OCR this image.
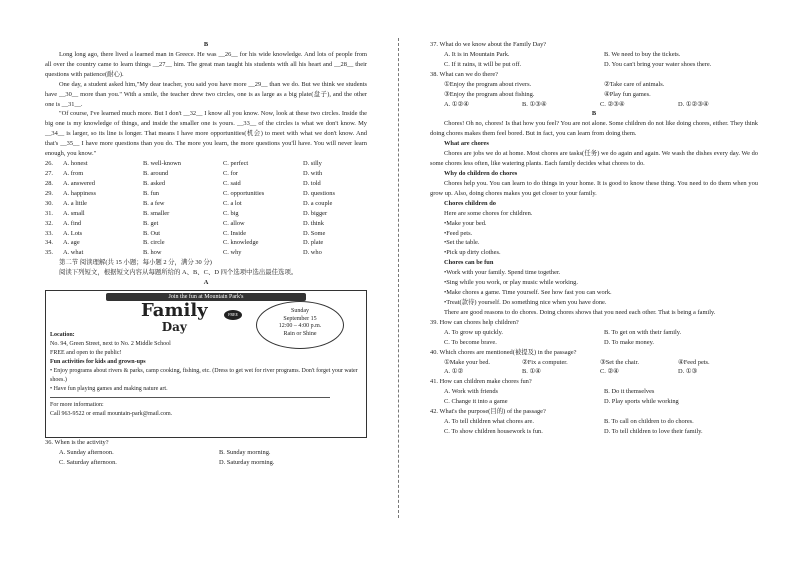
B

Long long ago, there lived a learned man in Greece. He was __26__ for his wide knowledge. And lots of people from all over the country came to learn things __27__ him. The great man taught his students with all his heart and __28__ their questions with patience(耐心).

One day, a student asked him,"My dear teacher, you said you have more __29__ than we do. But we think we students have __30__ more than you." With a smile, the teacher drew two circles, one is as large as a big plate(盘子), and the other one is __31__.

"Of course, I've learned much more. But I don't __32__ I know all you know. Now, look at these two circles. Inside the big one is my knowledge of things, and inside the smaller one is yours. __33__ of the circles is what we don't know. My __34__ is larger, so its line is longer. That means I have more opportunities(机会) to meet with what we don't know. And that's __35__ I have more questions than you do. The more you learn, the more questions you'll have. You will never learn enough, you know."

26.	A. honest	B. well-known	C. perfect	D. silly
27.	A. from	B. around	C. for	D. with
28.	A. answered	B. asked	C. said	D. told
29.	A. happiness	B. fun	C. opportunities	D. questions
30.	A. a little	B. a few	C. a lot	D. a couple
31.	A. small	B. smaller	C. big	D. bigger
32.	A. find	B. get	C. allow	D. think
33.	A. Lots	B. Out	C. Inside	D. Some
34.	A. age	B. circle	C. knowledge	D. plate
35.	A. what	B. how	C. why	D. who

第二节 阅读理解(共 15 小题；每小题 2 分，满分 30 分)

阅读下列短文，根据短文内容从每题所给的 A、B、C、D 四个选项中选出最佳选项。

A
Join the fun at Mountain Park's
Family
Day
FREE
Sunday
September 15
12:00 – 4:00 p.m.
Rain or Shine
Location:
No. 94, Green Street, next to No. 2 Middle School
FREE and open to the public!
Fun activities for kids and grown-ups
• Enjoy programs about rivers & parks, camp cooking, fishing, etc. (Dress to get wet for river programs. Don't forget your water shoes.)
• Have fun playing games and making nature art.
For more information:
Call 963-9522 or email mountain-park@mail.com.
36. When is the activity?
A. Sunday afternoon.	B. Sunday morning.
C. Saturday afternoon.	D. Saturday morning.
37. What do we know about the Family Day?
A. It is in Mountain Park.	B. We need to buy the tickets.
C. If it rains, it will be put off.	D. You can't bring your water shoes there.
38. What can we do there?
①Enjoy the program about rivers.	②Take care of animals.
③Enjoy the program about fishing.	④Play fun games.
A. ①②④	B. ①③④	C. ②③④	D. ①②③④
B

Chores! Oh no, chores! Is that how you feel? You are not alone. Some children do not like doing chores, either. They think doing chores makes them feel bored. But in fact, you can learn from doing them.

What are chores

Chores are jobs we do at home. Most chores are tasks(任务) we do again and again. We wash the dishes every day. We do some chores less often, like watering plants. Each family decides what chores to do.

Why do children do chores

Chores help you. You can learn to do things in your home. It is good to know these thing. You need to do them when you grow up. Also, doing chores makes you get closer to your family.

Chores children do

Here are some chores for children.

•Make your bed.

•Feed pets.

•Set the table.

•Pick up dirty clothes.

Chores can be fun

•Work with your family. Spend time together.

•Sing while you work, or play music while working.

•Make chores a game. Time yourself. See how fast you can work.

•Treat(款待) yourself. Do something nice when you have done.

There are good reasons to do chores. Doing chores shows that you need each other. That is being a family.

39. How can chores help children?
A. To grow up quickly.	B. To get on with their family.
C. To become brave.	D. To make money.
40. Which chores are mentioned(被提及) in the passage?
①Make your bed.	②Fix a computer.	③Set the chair.	④Feed pets.
A. ①②	B. ①④	C. ②④	D. ①③
41. How can children make chores fun?
A. Work with friends	B. Do it themselves
C. Change it into a game	D. Play sports while working
42. What's the purpose(目的) of the passage?
A. To tell children what chores are.	B. To call on children to do chores.
C. To show children housework is fun.	D. To tell children to love their family.
